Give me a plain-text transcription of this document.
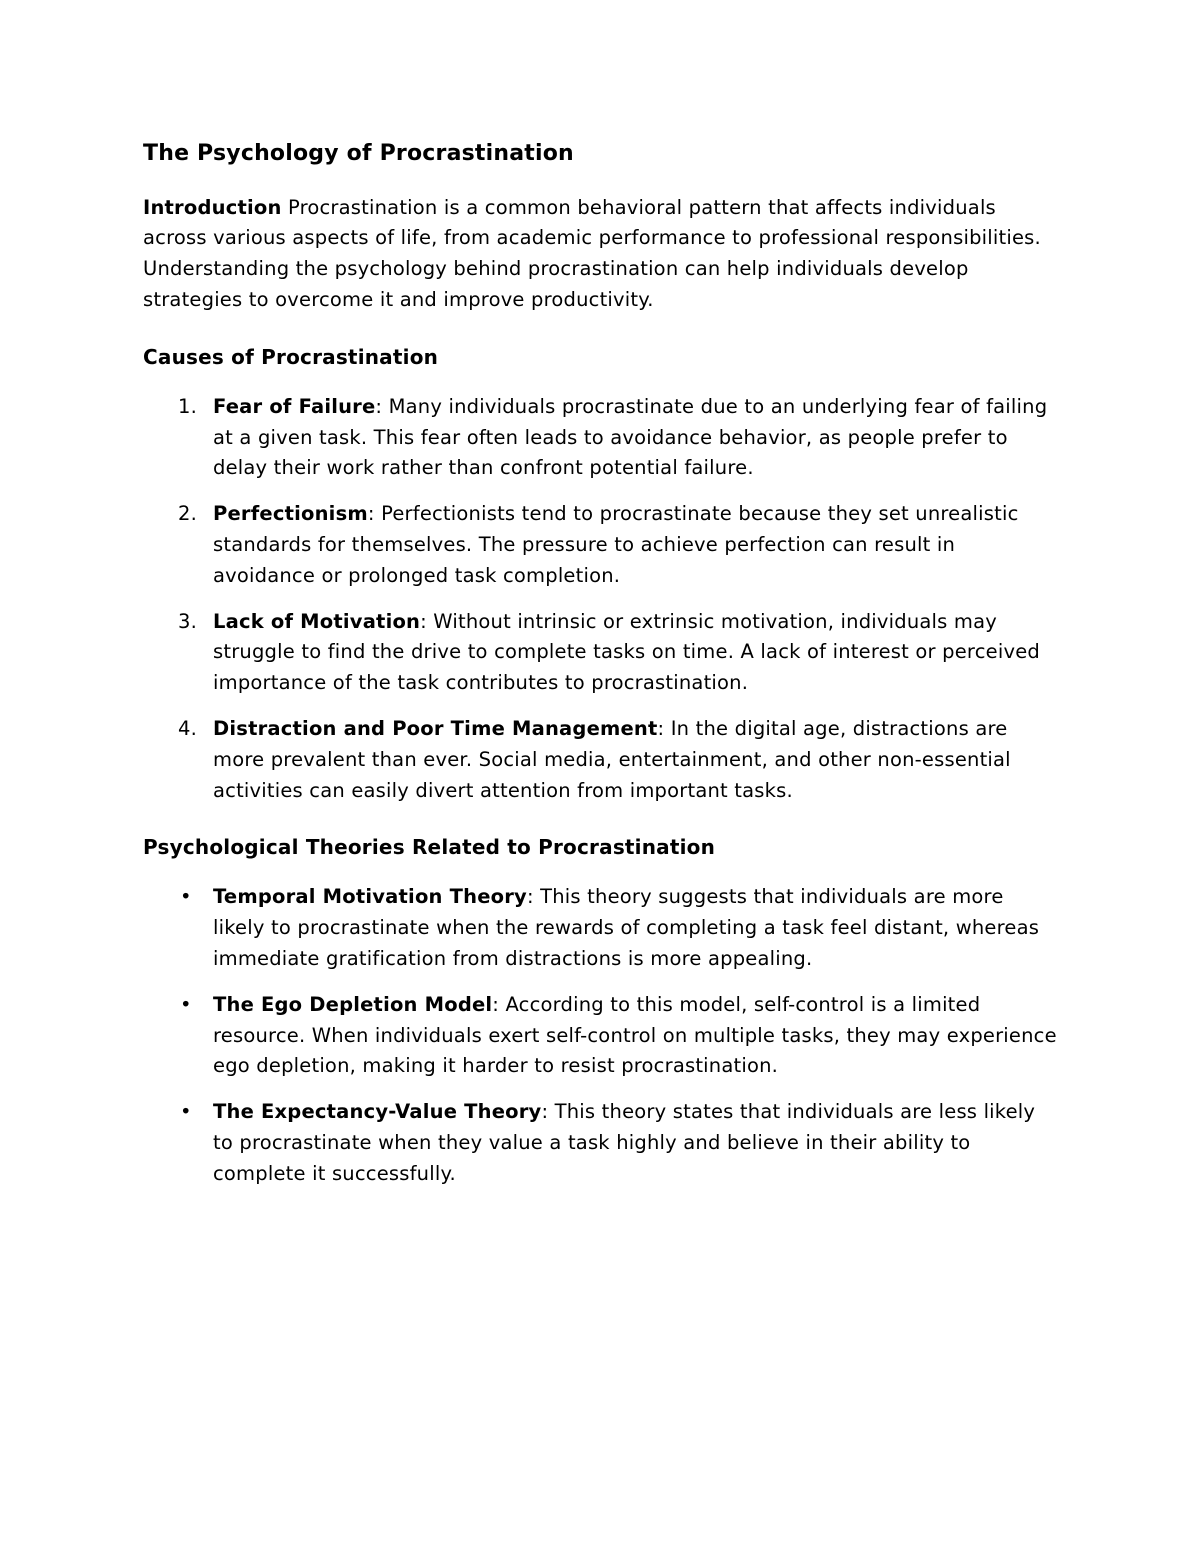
The Psychology of Procrastination

Introduction Procrastination is a common behavioral pattern that affects individuals across various aspects of life, from academic performance to professional responsibilities. Understanding the psychology behind procrastination can help individuals develop strategies to overcome it and improve productivity.

Causes of Procrastination
Fear of Failure: Many individuals procrastinate due to an underlying fear of failing at a given task. This fear often leads to avoidance behavior, as people prefer to delay their work rather than confront potential failure.
Perfectionism: Perfectionists tend to procrastinate because they set unrealistic standards for themselves. The pressure to achieve perfection can result in avoidance or prolonged task completion.
Lack of Motivation: Without intrinsic or extrinsic motivation, individuals may struggle to find the drive to complete tasks on time. A lack of interest or perceived importance of the task contributes to procrastination.
Distraction and Poor Time Management: In the digital age, distractions are more prevalent than ever. Social media, entertainment, and other non-essential activities can easily divert attention from important tasks.
Psychological Theories Related to Procrastination
• Temporal Motivation Theory: This theory suggests that individuals are more likely to procrastinate when the rewards of completing a task feel distant, whereas immediate gratification from distractions is more appealing.
• The Ego Depletion Model: According to this model, self-control is a limited resource. When individuals exert self-control on multiple tasks, they may experience ego depletion, making it harder to resist procrastination.
• The Expectancy-Value Theory: This theory states that individuals are less likely to procrastinate when they value a task highly and believe in their ability to complete it successfully.
